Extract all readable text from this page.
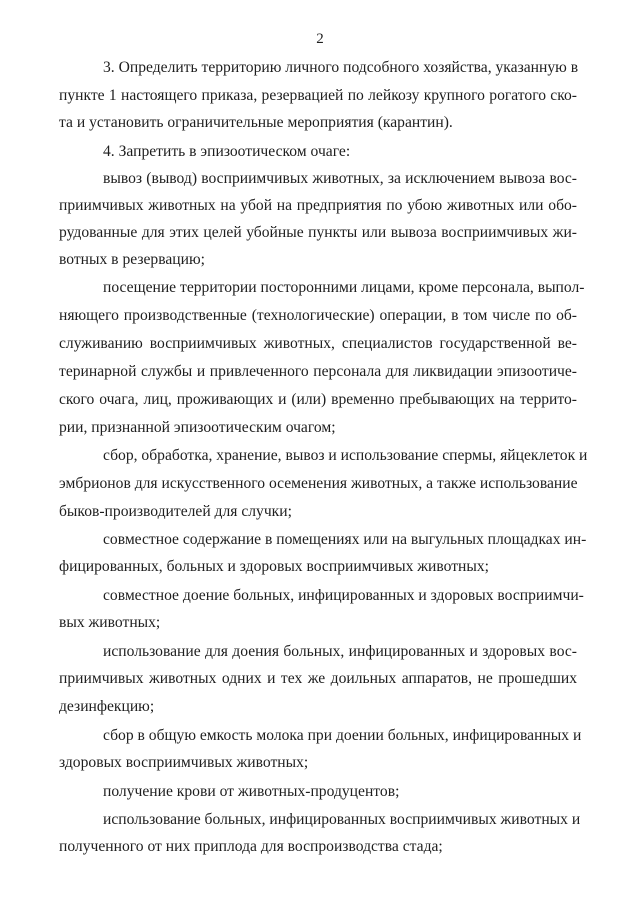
2
3. Определить территорию личного подсобного хозяйства, указанную в
пункте 1 настоящего приказа, резервацией по лейкозу крупного рогатого ско-
та и установить ограничительные мероприятия (карантин).
4. Запретить в эпизоотическом очаге:
вывоз (вывод) восприимчивых животных, за исключением вывоза вос-
приимчивых животных на убой на предприятия по убою животных или обо-
рудованные для этих целей убойные пункты или вывоза восприимчивых жи-
вотных в резервацию;
посещение территории посторонними лицами, кроме персонала, выпол-
няющего производственные (технологические) операции, в том числе по об-
служиванию восприимчивых животных, специалистов государственной ве-
теринарной службы и привлеченного персонала для ликвидации эпизоотиче-
ского очага, лиц, проживающих и (или) временно пребывающих на террито-
рии, признанной эпизоотическим очагом;
сбор, обработка, хранение, вывоз и использование спермы, яйцеклеток и
эмбрионов для искусственного осеменения животных, а также использование
быков-производителей для случки;
совместное содержание в помещениях или на выгульных площадках ин-
фицированных, больных и здоровых восприимчивых животных;
совместное доение больных, инфицированных и здоровых восприимчи-
вых животных;
использование для доения больных, инфицированных и здоровых вос-
приимчивых животных одних и тех же доильных аппаратов, не прошедших
дезинфекцию;
сбор в общую емкость молока при доении больных, инфицированных и
здоровых восприимчивых животных;
получение крови от животных-продуцентов;
использование больных, инфицированных восприимчивых животных и
полученного от них приплода для воспроизводства стада;
